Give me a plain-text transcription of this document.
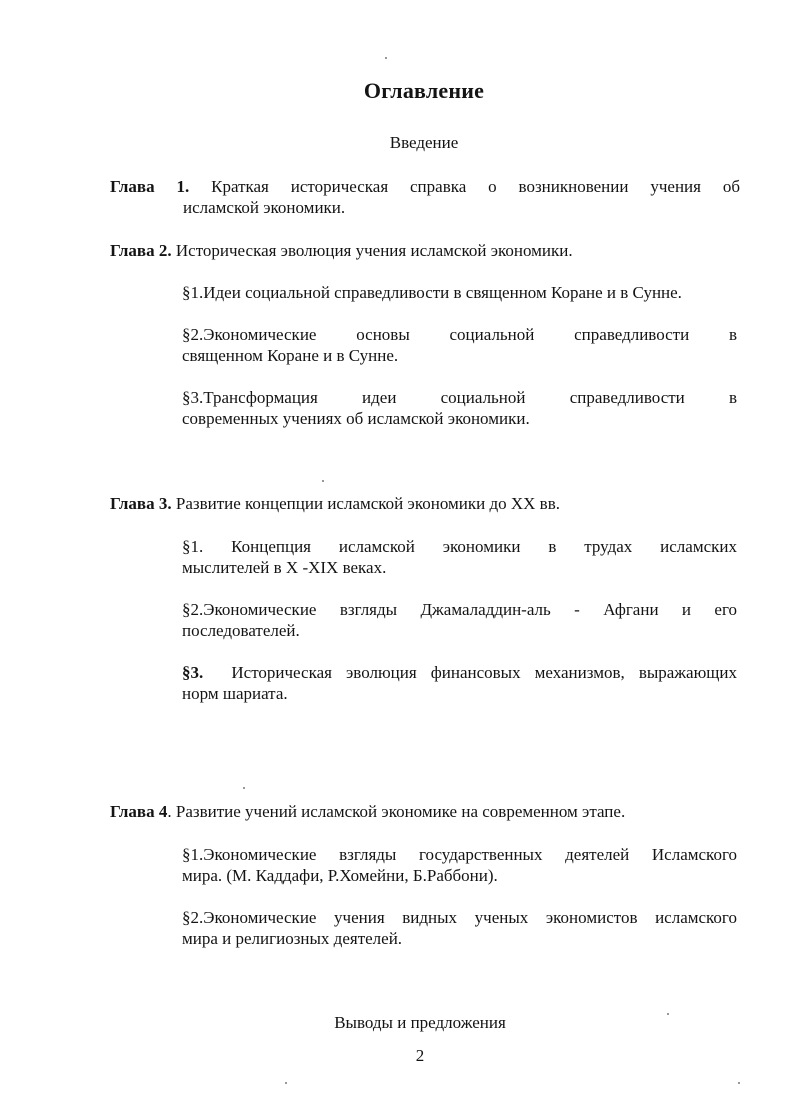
Оглавление
Введение
Глава 1. Краткая историческая справка о возникновении учения об
исламской экономики.
Глава 2. Историческая эволюция учения исламской экономики.
§1.Идеи социальной справедливости в священном Коране и в Сунне.
§2.Экономические основы социальной справедливости в
священном Коране и в Сунне.
§3.Трансформация идеи социальной справедливости в
современных учениях об исламской экономики.
Глава 3. Развитие концепции исламской экономики до XX вв.
§1. Концепция исламской экономики в трудах исламских
мыслителей в X -XIX веках.
§2.Экономические взгляды Джамаладдин-аль - Афгани и его
последователей.
§3. Историческая эволюция финансовых механизмов, выражающих
норм шариата.
Глава 4. Развитие учений исламской экономике на современном этапе.
§1.Экономические взгляды государственных деятелей Исламского
мира. (М. Каддафи, Р.Хомейни, Б.Раббони).
§2.Экономические учения видных ученых экономистов исламского
мира и религиозных деятелей.
Выводы и предложения
2
